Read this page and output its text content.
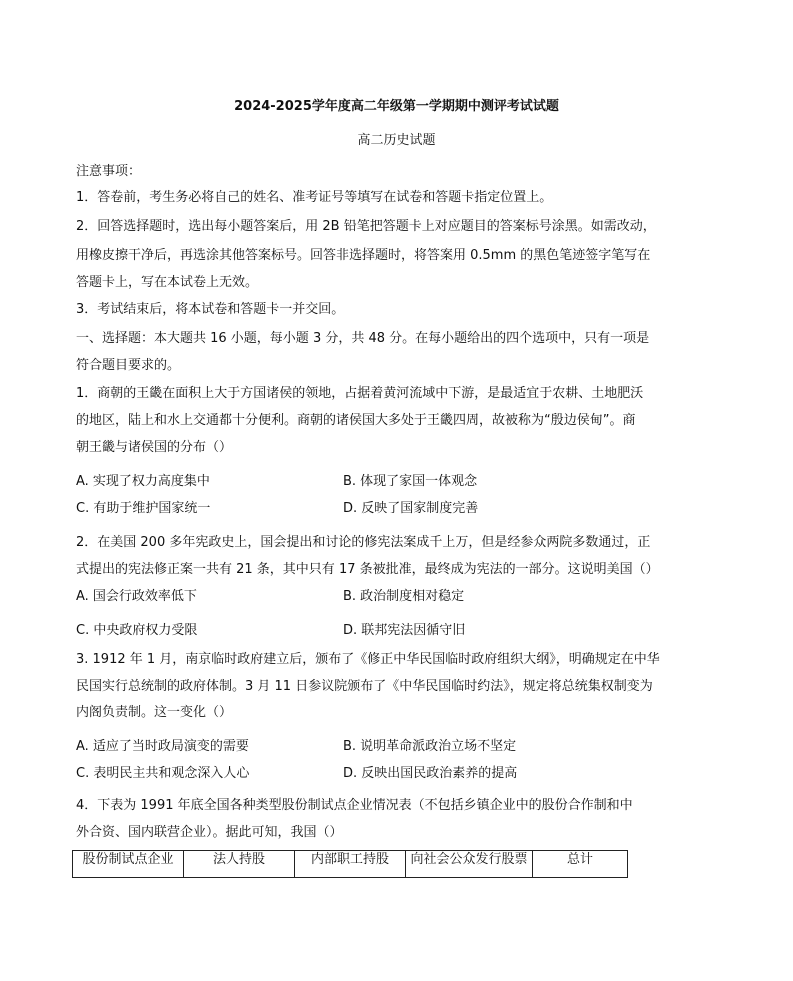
2024-2025学年度高二年级第一学期期中测评考试试题
高二历史试题
注意事项：
1．答卷前，考生务必将自己的姓名、准考证号等填写在试卷和答题卡指定位置上。
2．回答选择题时，选出每小题答案后，用 2B 铅笔把答题卡上对应题目的答案标号涂黑。如需改动，
用橡皮擦干净后，再选涂其他答案标号。回答非选择题时，将答案用 0.5mm 的黑色笔迹签字笔写在
答题卡上，写在本试卷上无效。
3．考试结束后，将本试卷和答题卡一并交回。
一、选择题：本大题共 16 小题，每小题 3 分，共 48 分。在每小题给出的四个选项中，只有一项是
符合题目要求的。
1．商朝的王畿在面积上大于方国诸侯的领地，占据着黄河流域中下游，是最适宜于农耕、土地肥沃
的地区，陆上和水上交通都十分便利。商朝的诸侯国大多处于王畿四周，故被称为“殷边侯甸”。商
朝王畿与诸侯国的分布（）
A. 实现了权力高度集中	B. 体现了家国一体观念
C. 有助于维护国家统一	D. 反映了国家制度完善
2．在美国 200 多年宪政史上，国会提出和讨论的修宪法案成千上万，但是经参众两院多数通过，正
式提出的宪法修正案一共有 21 条，其中只有 17 条被批准，最终成为宪法的一部分。这说明美国（）
A. 国会行政效率低下	B. 政治制度相对稳定
C. 中央政府权力受限	D. 联邦宪法因循守旧
3. 1912 年 1 月，南京临时政府建立后，颁布了《修正中华民国临时政府组织大纲》，明确规定在中华
民国实行总统制的政府体制。3 月 11 日参议院颁布了《中华民国临时约法》，规定将总统集权制变为
内阁负责制。这一变化（）
A. 适应了当时政局演变的需要	B. 说明革命派政治立场不坚定
C. 表明民主共和观念深入人心	D. 反映出国民政治素养的提高
4．下表为 1991 年底全国各种类型股份制试点企业情况表（不包括乡镇企业中的股份合作制和中
外合资、国内联营企业）。据此可知，我国（）
股份制试点企业	法人持股	内部职工持股	向社会公众发行股票	总计
